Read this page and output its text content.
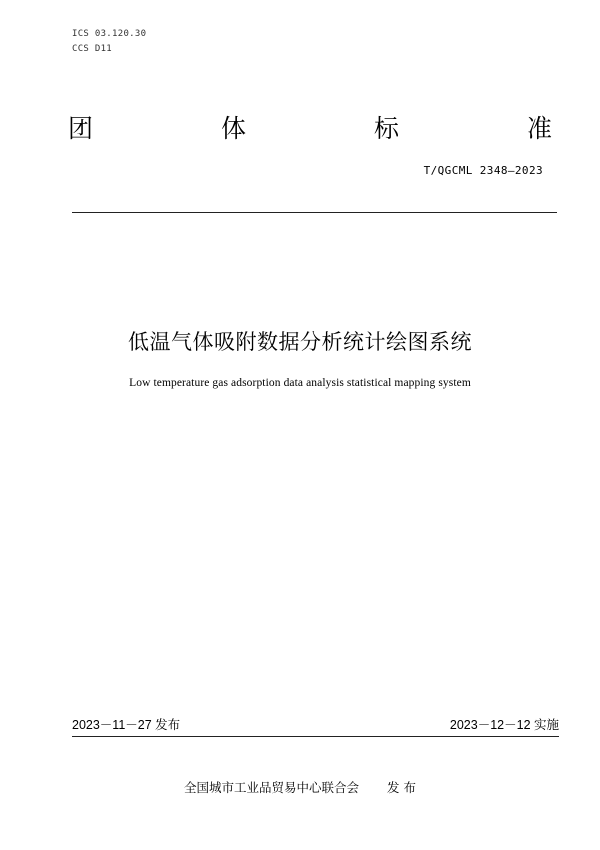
ICS 03.120.30
CCS D11
团	体	标	准
T/QGCML 2348—2023
低温气体吸附数据分析统计绘图系统
Low temperature gas adsorption data analysis statistical mapping system
2023－11－27 发布	2023－12－12 实施
全国城市工业品贸易中心联合会 发 布
